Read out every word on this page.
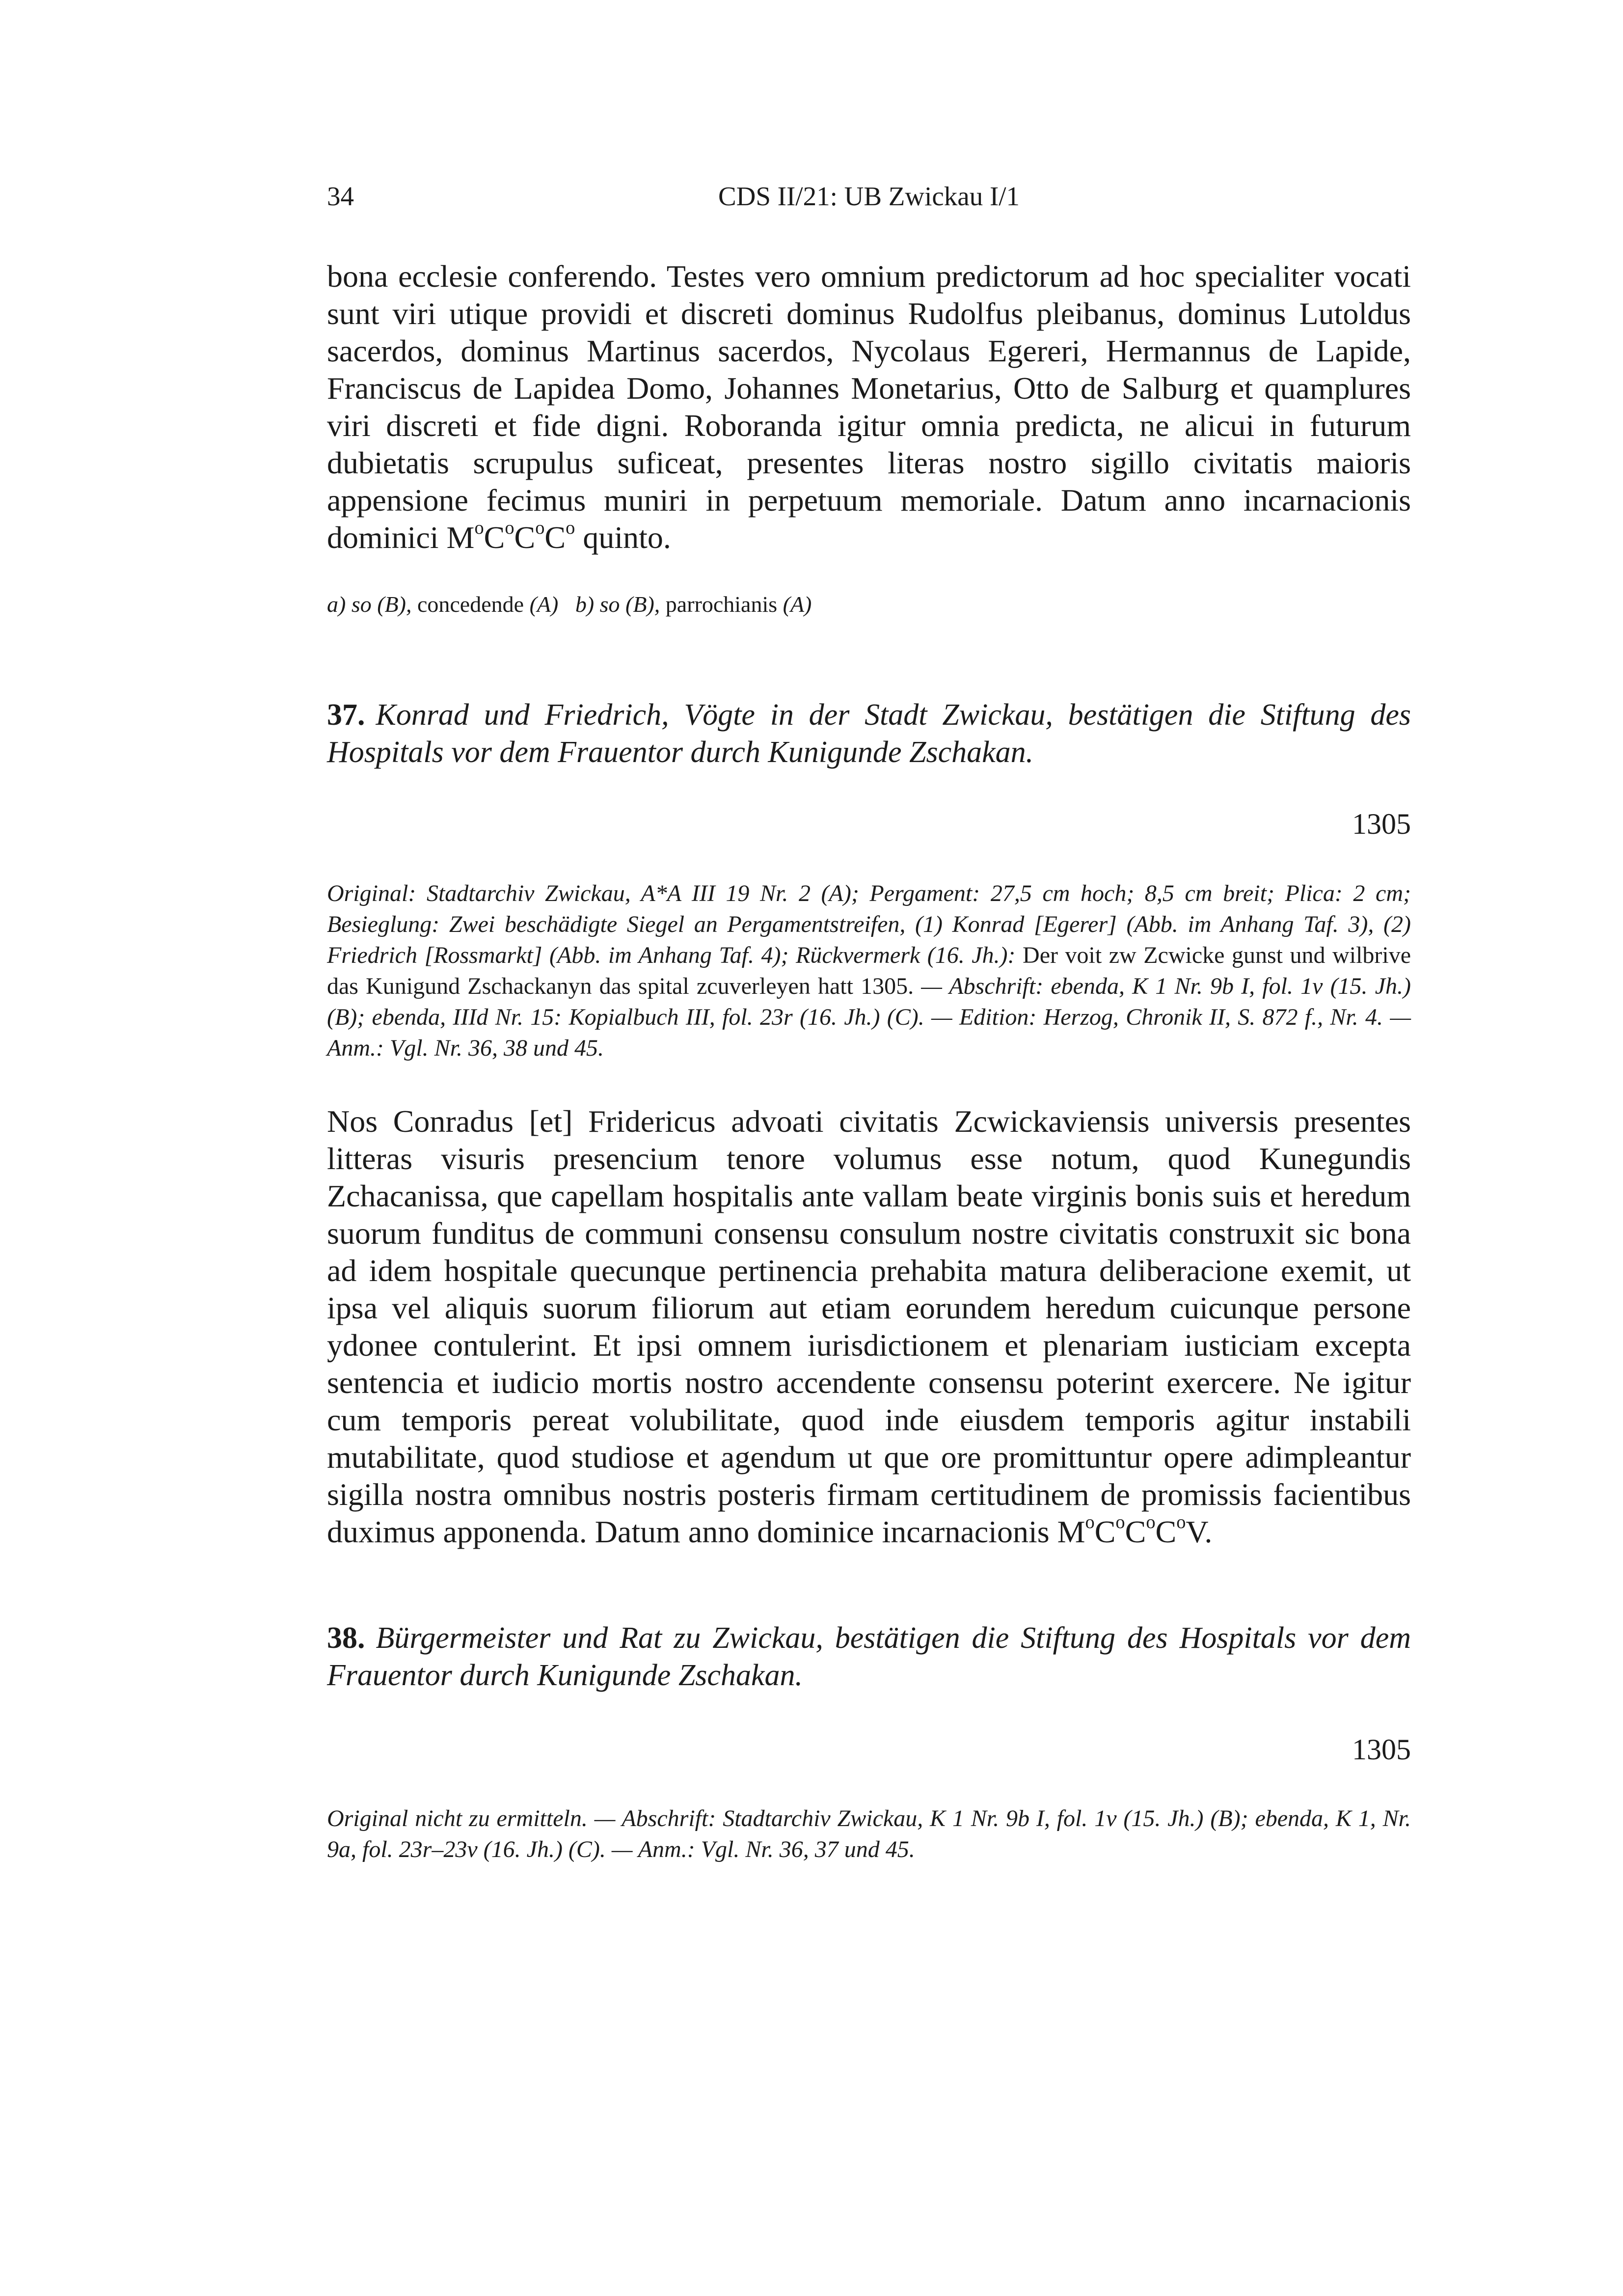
34	CDS II/21: UB Zwickau I/1

bona ecclesie conferendo. Testes vero omnium predictorum ad hoc specialiter vocati sunt viri utique providi et discreti dominus Rudolfus pleibanus, dominus Lutoldus sacerdos, dominus Martinus sacerdos, Nycolaus Egereri, Hermannus de Lapide, Franciscus de Lapidea Domo, Johannes Monetarius, Otto de Salburg et quamplures viri discreti et fide digni. Roboranda igitur omnia predicta, ne alicui in futurum dubietatis scrupulus suficeat, presentes literas nostro sigillo civitatis maioris appensione fecimus muniri in perpetuum memoriale. Datum anno incarnacionis dominici $M^oC^oC^oC^o$ quinto.

a) so (B), concedende (A) b) so (B), parrochianis (A)

37. Konrad und Friedrich, Vögte in der Stadt Zwickau, bestätigen die Stiftung des Hospitals vor dem Frauentor durch Kunigunde Zschakan.

1305

Original: Stadtarchiv Zwickau, A*A III 19 Nr. 2 (A); Pergament: 27,5 cm hoch; 8,5 cm breit; Plica: 2 cm; Besieglung: Zwei beschädigte Siegel an Pergamentstreifen, (1) Konrad [Egerer] (Abb. im Anhang Taf. 3), (2) Friedrich [Rossmarkt] (Abb. im Anhang Taf. 4); Rückvermerk (16. Jh.): Der voit zw Zcwicke gunst und wilbrive das Kunigund Zschackanyn das spital zcuverleyen hatt 1305. — Abschrift: ebenda, K 1 Nr. 9b I, fol. 1v (15. Jh.) (B); ebenda, IIId Nr. 15: Kopialbuch III, fol. 23r (16. Jh.) (C). — Edition: Herzog, Chronik II, S. 872 f., Nr. 4. — Anm.: Vgl. Nr. 36, 38 und 45.

Nos Conradus [et] Fridericus advoati civitatis Zcwickaviensis universis presentes litteras visuris presencium tenore volumus esse notum, quod Kunegundis Zchacanissa, que capellam hospitalis ante vallam beate virginis bonis suis et heredum suorum funditus de communi consensu consulum nostre civitatis construxit sic bona ad idem hospitale quecunque pertinencia prehabita matura deliberacione exemit, ut ipsa vel aliquis suorum filiorum aut etiam eorundem heredum cuicunque persone ydonee contulerint. Et ipsi omnem iurisdictionem et plenariam iusticiam excepta sentencia et iudicio mortis nostro accendente consensu poterint exercere. Ne igitur cum temporis pereat volubilitate, quod inde eiusdem temporis agitur instabili mutabilitate, quod studiose et agendum ut que ore promittuntur opere adimpleantur sigilla nostra omnibus nostris posteris firmam certitudinem de promissis facientibus duximus apponenda. Datum anno dominice incarnacionis $M^oC^oC^oC^oV$.

38. Bürgermeister und Rat zu Zwickau, bestätigen die Stiftung des Hospitals vor dem Frauentor durch Kunigunde Zschakan.

1305

Original nicht zu ermitteln. — Abschrift: Stadtarchiv Zwickau, K 1 Nr. 9b I, fol. 1v (15. Jh.) (B); ebenda, K 1, Nr. 9a, fol. 23r–23v (16. Jh.) (C). — Anm.: Vgl. Nr. 36, 37 und 45.
